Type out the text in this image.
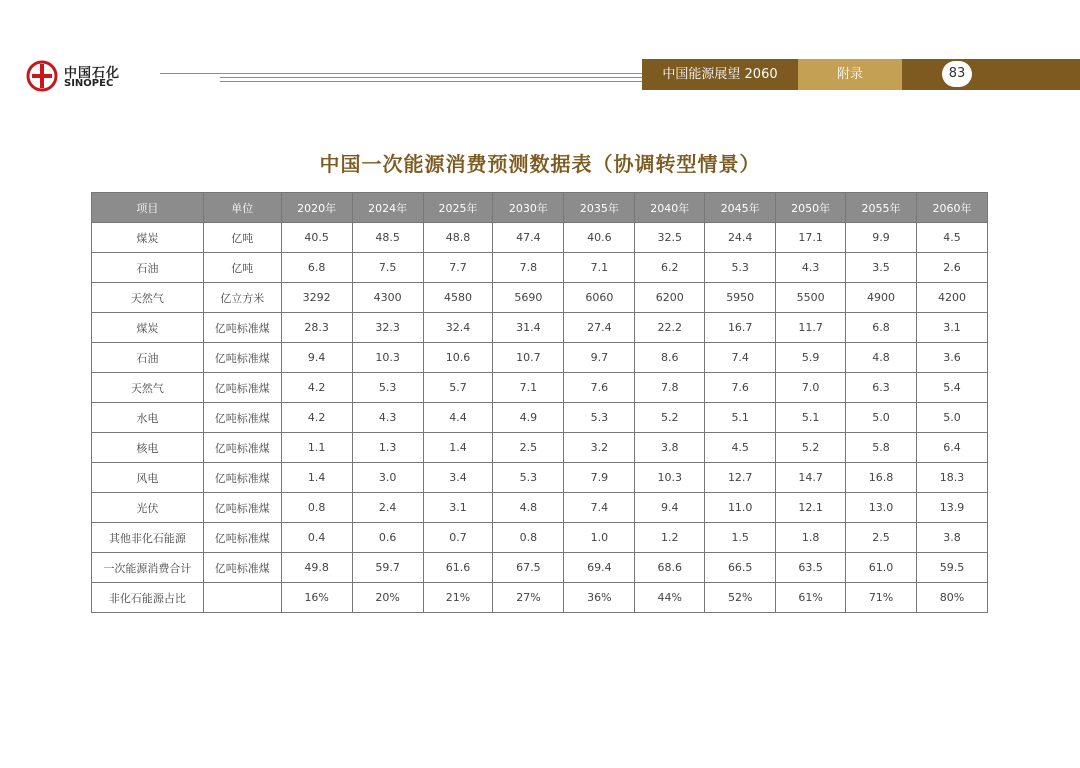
中国石化
SINOPEC
中国能源展望 2060	附录	83
中国一次能源消费预测数据表（协调转型情景）
项目	单位	2020年	2024年	2025年	2030年	2035年	2040年	2045年	2050年	2055年	2060年
煤炭	亿吨	40.5	48.5	48.8	47.4	40.6	32.5	24.4	17.1	9.9	4.5
石油	亿吨	6.8	7.5	7.7	7.8	7.1	6.2	5.3	4.3	3.5	2.6
天然气	亿立方米	3292	4300	4580	5690	6060	6200	5950	5500	4900	4200
煤炭	亿吨标准煤	28.3	32.3	32.4	31.4	27.4	22.2	16.7	11.7	6.8	3.1
石油	亿吨标准煤	9.4	10.3	10.6	10.7	9.7	8.6	7.4	5.9	4.8	3.6
天然气	亿吨标准煤	4.2	5.3	5.7	7.1	7.6	7.8	7.6	7.0	6.3	5.4
水电	亿吨标准煤	4.2	4.3	4.4	4.9	5.3	5.2	5.1	5.1	5.0	5.0
核电	亿吨标准煤	1.1	1.3	1.4	2.5	3.2	3.8	4.5	5.2	5.8	6.4
风电	亿吨标准煤	1.4	3.0	3.4	5.3	7.9	10.3	12.7	14.7	16.8	18.3
光伏	亿吨标准煤	0.8	2.4	3.1	4.8	7.4	9.4	11.0	12.1	13.0	13.9
其他非化石能源	亿吨标准煤	0.4	0.6	0.7	0.8	1.0	1.2	1.5	1.8	2.5	3.8
一次能源消费合计	亿吨标准煤	49.8	59.7	61.6	67.5	69.4	68.6	66.5	63.5	61.0	59.5
非化石能源占比		16%	20%	21%	27%	36%	44%	52%	61%	71%	80%
